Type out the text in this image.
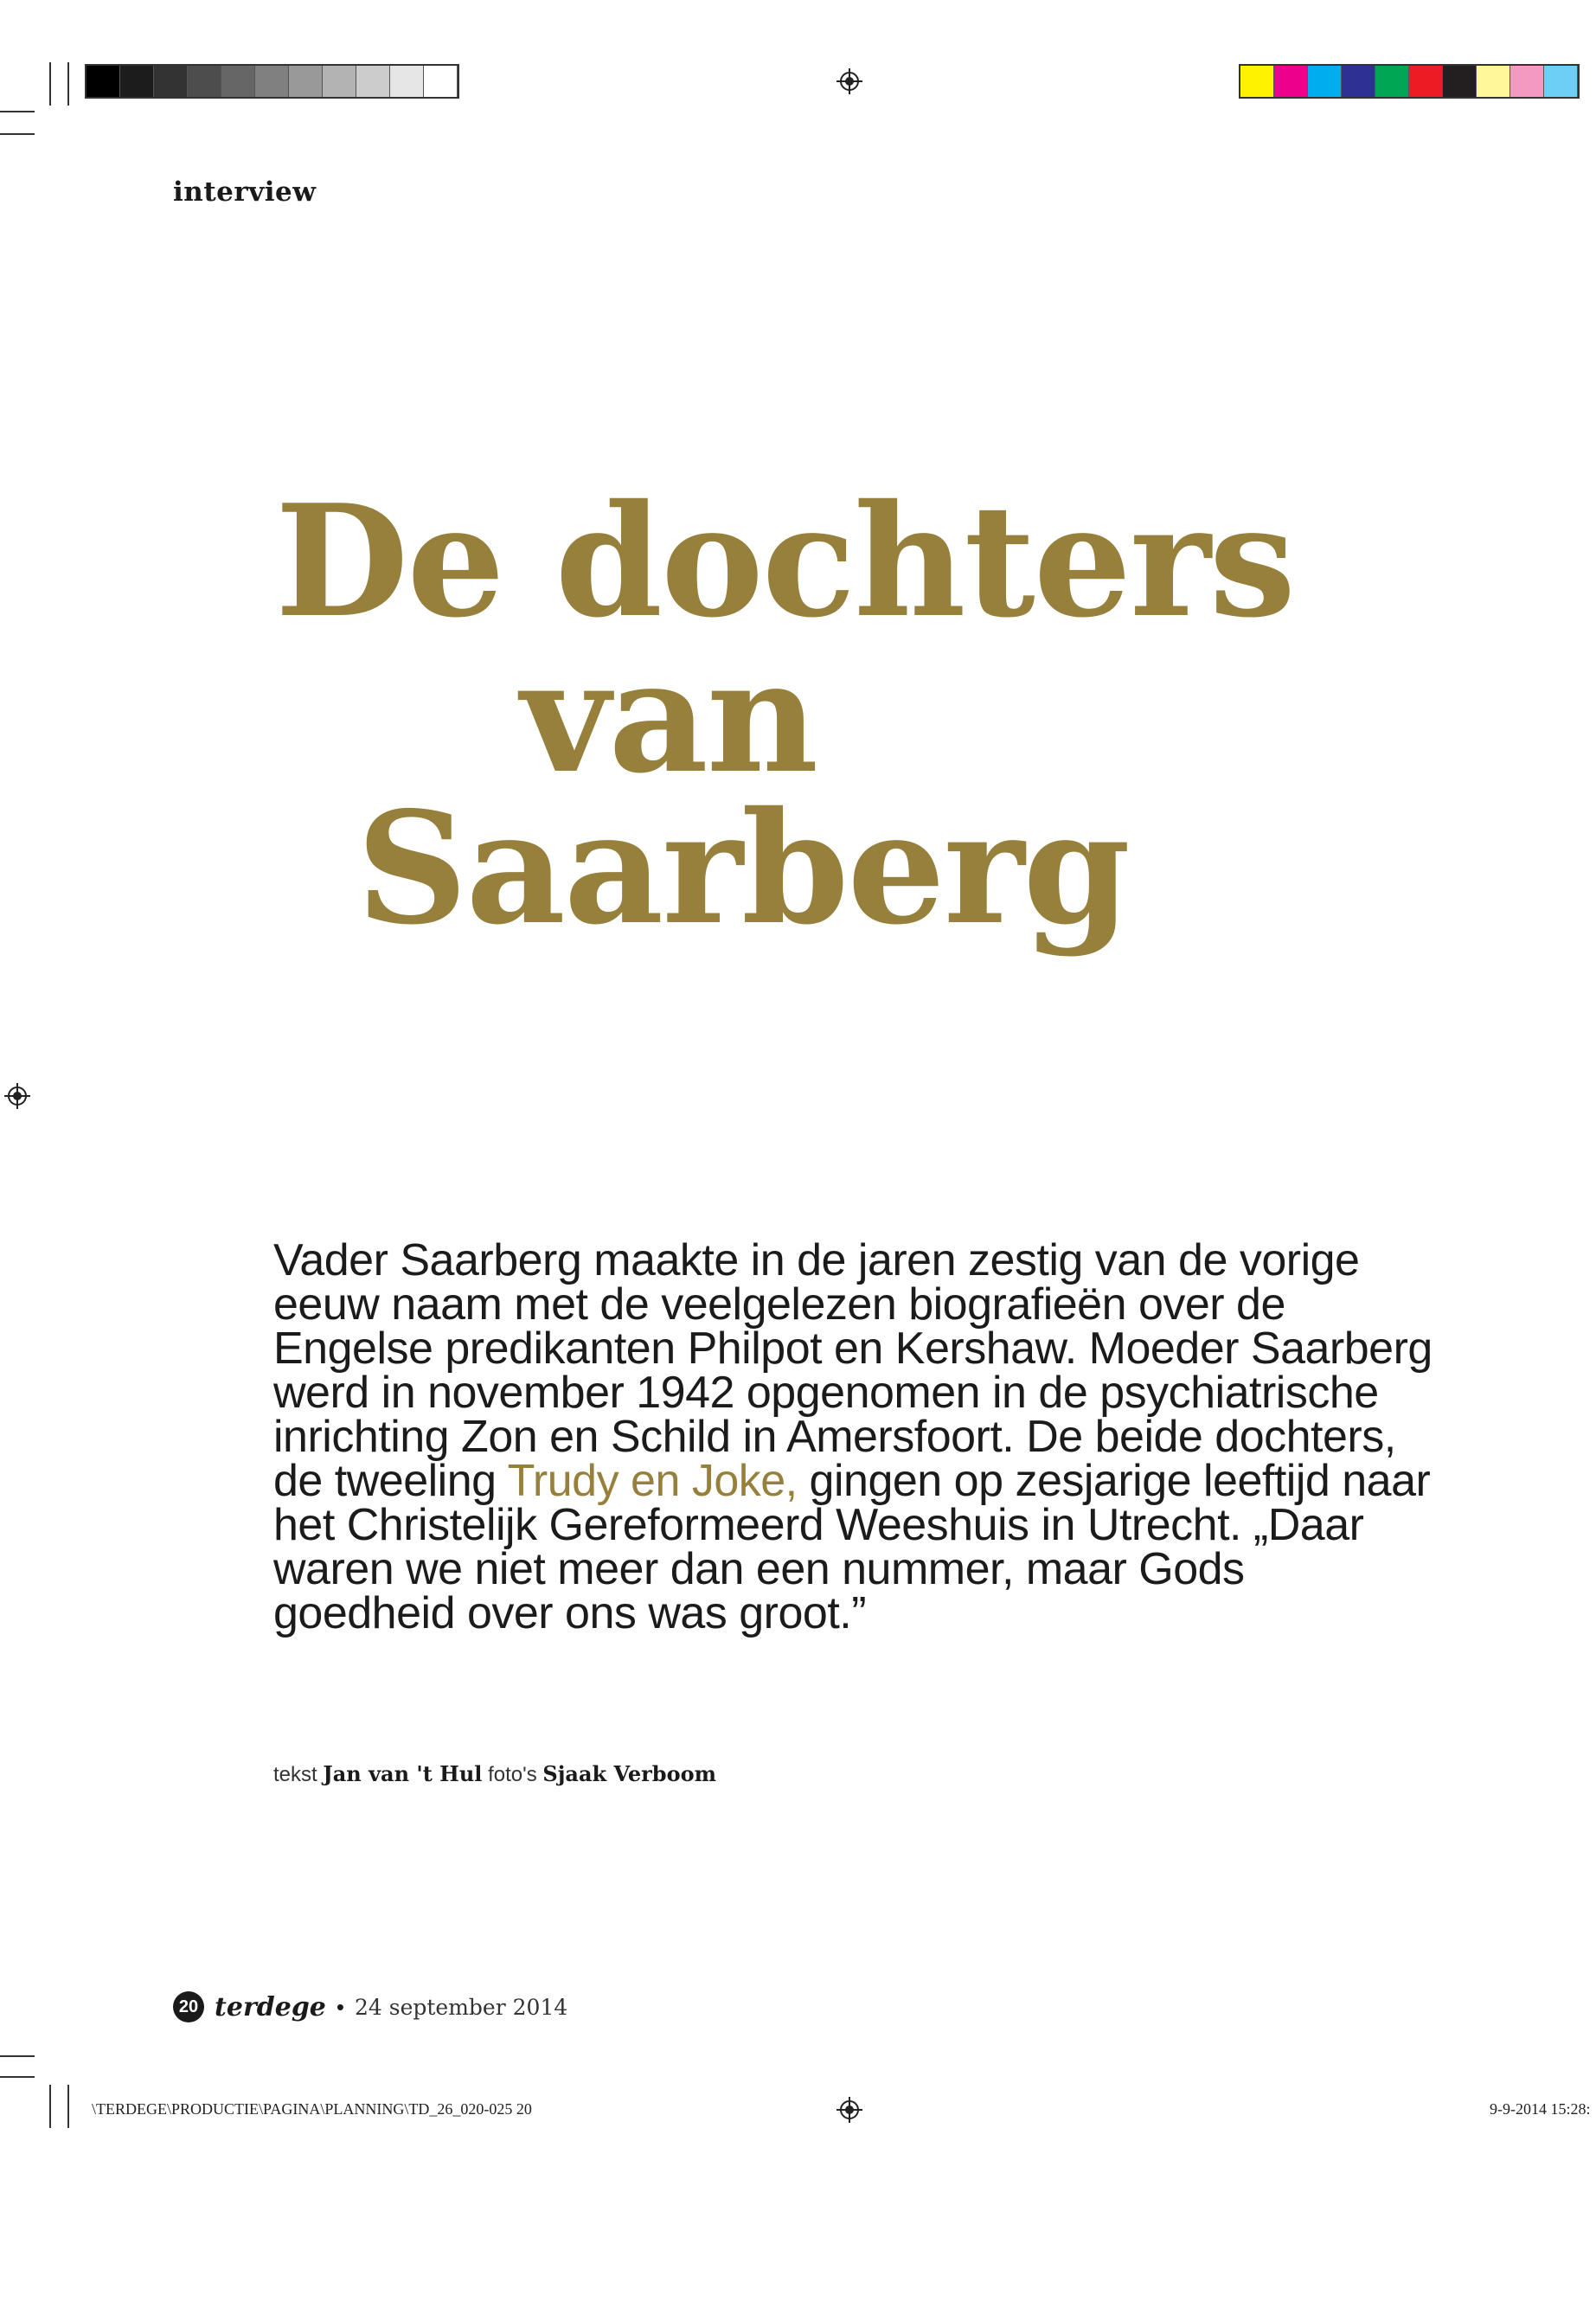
interview
De dochters
van
Saarberg
Vader Saarberg maakte in de jaren zestig van de vorige eeuw naam met de veelgelezen biografieën over de Engelse predikanten Philpot en Kershaw. Moeder Saarberg werd in november 1942 opgenomen in de psychiatrische inrichting Zon en Schild in Amersfoort. De beide dochters, de tweeling Trudy en Joke, gingen op zesjarige leeftijd naar het Christelijk Gereformeerd Weeshuis in Utrecht. „Daar waren we niet meer dan een nummer, maar Gods goedheid over ons was groot.”
tekst Jan van 't Hul foto's Sjaak Verboom
20 terdege • 24 september 2014
\TERDEGE\PRODUCTIE\PAGINA\PLANNING\TD_26_020-025 20	9-9-2014 15:28:
